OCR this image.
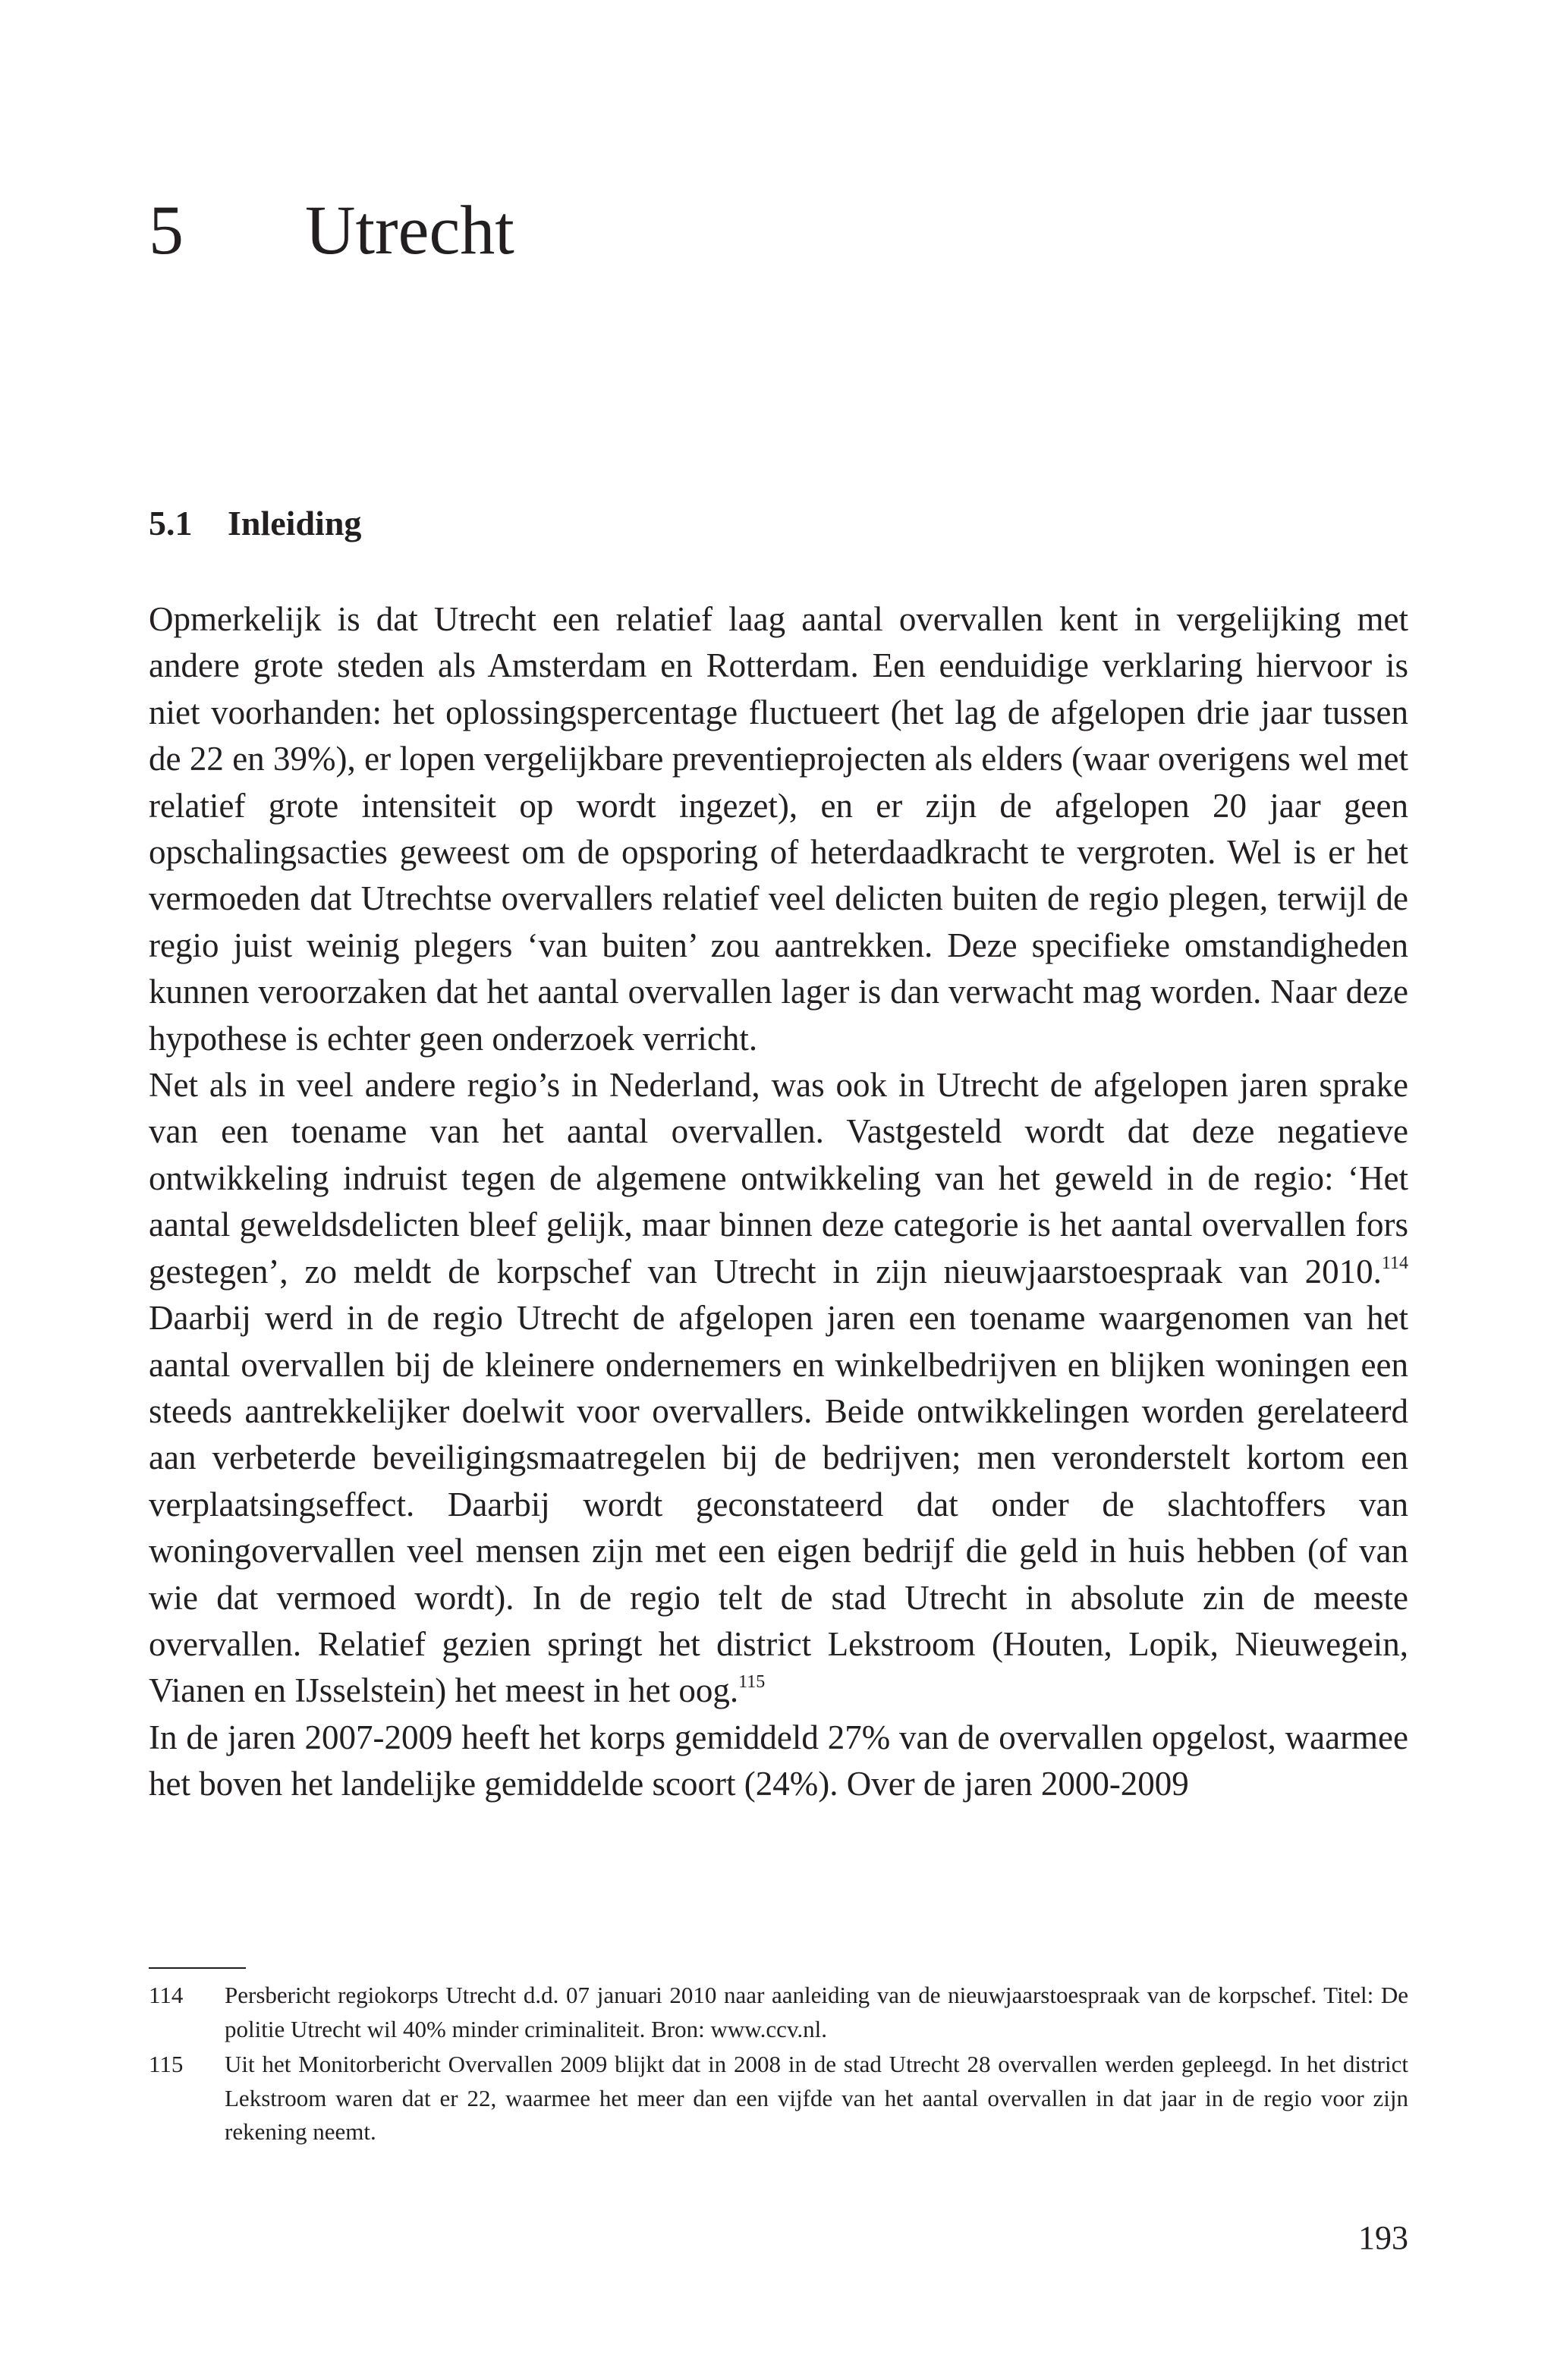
5 Utrecht
5.1 Inleiding

Opmerkelijk is dat Utrecht een relatief laag aantal overvallen kent in vergelijking met andere grote steden als Amsterdam en Rotterdam. Een eenduidige verklaring hiervoor is niet voorhanden: het oplossingspercentage fluctueert (het lag de afgelopen drie jaar tussen de 22 en 39%), er lopen vergelijkbare preventieprojecten als elders (waar overigens wel met relatief grote intensiteit op wordt ingezet), en er zijn de afgelopen 20 jaar geen opschalingsacties geweest om de opsporing of heterdaadkracht te vergroten. Wel is er het vermoeden dat Utrechtse overvallers relatief veel delicten buiten de regio plegen, terwijl de regio juist weinig plegers ‘van buiten’ zou aantrekken. Deze specifieke omstandigheden kunnen veroorzaken dat het aantal overvallen lager is dan verwacht mag worden. Naar deze hypothese is echter geen onderzoek verricht.

Net als in veel andere regio’s in Nederland, was ook in Utrecht de afgelopen jaren sprake van een toename van het aantal overvallen. Vastgesteld wordt dat deze negatieve ontwikkeling indruist tegen de algemene ontwikkeling van het geweld in de regio: ‘Het aantal geweldsdelicten bleef gelijk, maar binnen deze categorie is het aantal overvallen fors gestegen’, zo meldt de korpschef van Utrecht in zijn nieuwjaarstoespraak van 2010.$^{114}$ Daarbij werd in de regio Utrecht de afgelopen jaren een toename waargenomen van het aantal overvallen bij de kleinere ondernemers en winkelbedrijven en blijken woningen een steeds aantrekkelijker doelwit voor overvallers. Beide ontwikkelingen worden gerelateerd aan verbeterde beveiligingsmaatregelen bij de bedrijven; men veronderstelt kortom een verplaatsingseffect. Daarbij wordt geconstateerd dat onder de slachtoffers van woningovervallen veel mensen zijn met een eigen bedrijf die geld in huis hebben (of van wie dat vermoed wordt). In de regio telt de stad Utrecht in absolute zin de meeste overvallen. Relatief gezien springt het district Lekstroom (Houten, Lopik, Nieuwegein, Vianen en IJsselstein) het meest in het oog.$^{115}$

In de jaren 2007-2009 heeft het korps gemiddeld 27% van de overvallen opgelost, waarmee het boven het landelijke gemiddelde scoort (24%). Over de jaren 2000-2009

114	Persbericht regiokorps Utrecht d.d. 07 januari 2010 naar aanleiding van de nieuwjaarstoespraak van de korpschef. Titel: De politie Utrecht wil 40% minder criminaliteit. Bron: www.ccv.nl.
115	Uit het Monitorbericht Overvallen 2009 blijkt dat in 2008 in de stad Utrecht 28 overvallen werden gepleegd. In het district Lekstroom waren dat er 22, waarmee het meer dan een vijfde van het aantal overvallen in dat jaar in de regio voor zijn rekening neemt.
193
